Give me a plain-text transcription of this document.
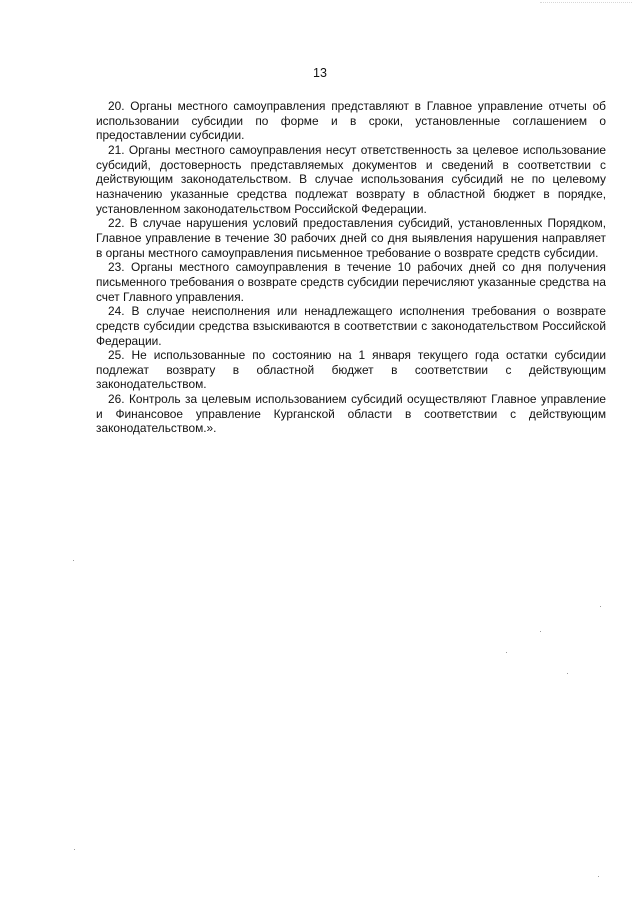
13

20. Органы местного самоуправления представляют в Главное управление отчеты об использовании субсидии по форме и в сроки, установленные соглашением о предоставлении субсидии.

21. Органы местного самоуправления несут ответственность за целевое использование субсидий, достоверность представляемых документов и сведений в соответствии с действующим законодательством. В случае использования субсидий не по целевому назначению указанные средства подлежат возврату в областной бюджет в порядке, установленном законодательством Российской Федерации.

22. В случае нарушения условий предоставления субсидий, установленных Порядком, Главное управление в течение 30 рабочих дней со дня выявления нарушения направляет в органы местного самоуправления письменное требование о возврате средств субсидии.

23. Органы местного самоуправления в течение 10 рабочих дней со дня получения письменного требования о возврате средств субсидии перечисляют указанные средства на счет Главного управления.

24. В случае неисполнения или ненадлежащего исполнения требования о возврате средств субсидии средства взыскиваются в соответствии с законодательством Российской Федерации.

25. Не использованные по состоянию на 1 января текущего года остатки субсидии подлежат возврату в областной бюджет в соответствии с действующим законодательством.

26. Контроль за целевым использованием субсидий осуществляют Главное управление и Финансовое управление Курганской области в соответствии с действующим законодательством.».
